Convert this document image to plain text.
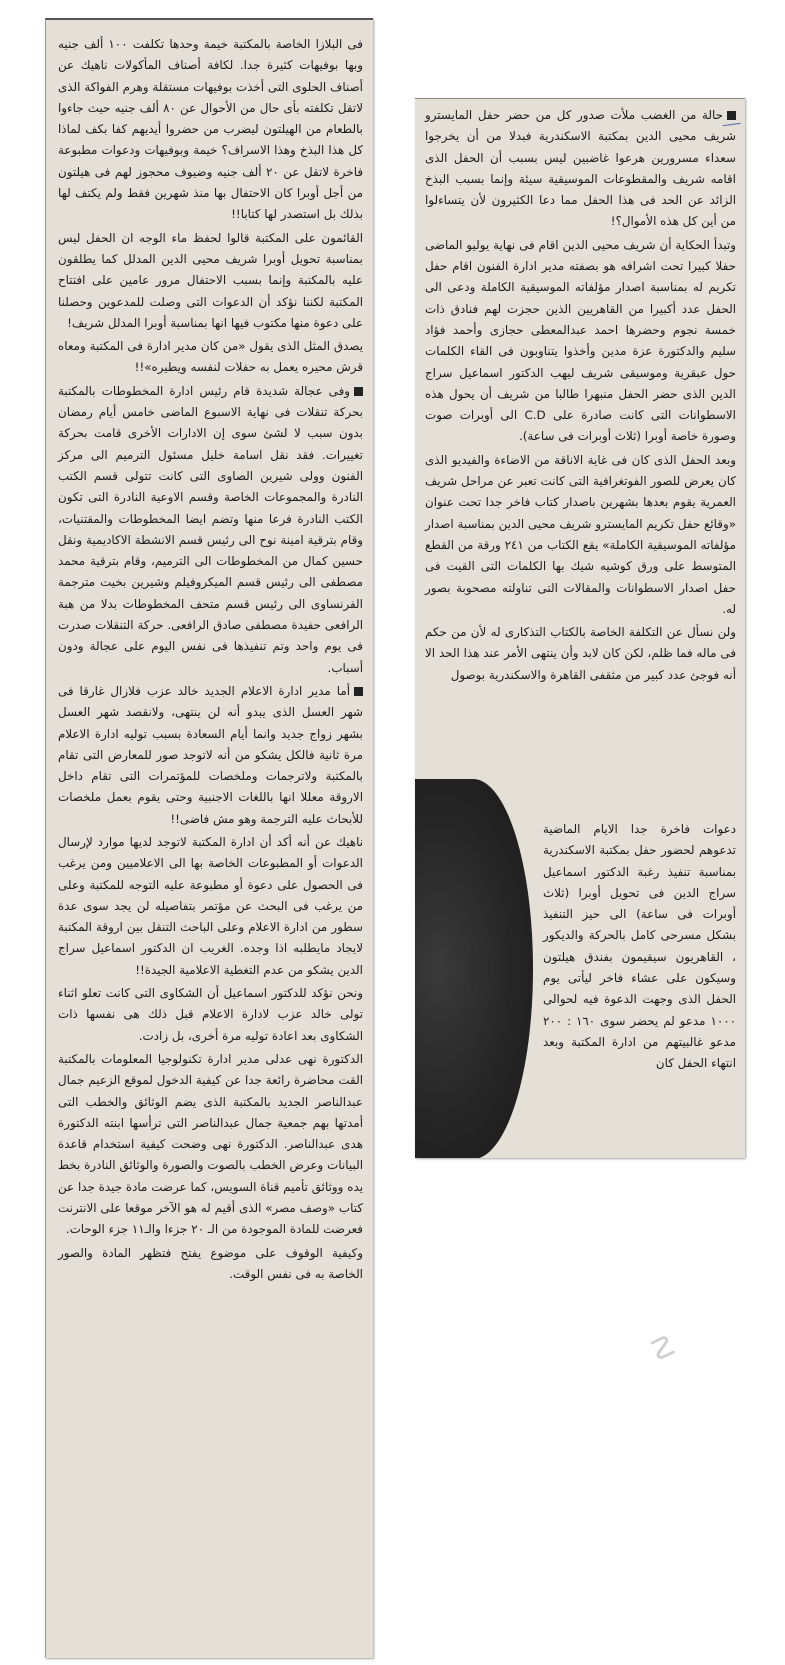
فى البلازا الخاصة بالمكتبة خيمة وحدها تكلفت ١٠٠ ألف جنيه وبها بوفيهات كثيرة جدا. لكافة أصناف المأكولات ناهيك عن أصناف الحلوى التى أخذت بوفيهات مستقلة وهرم الفواكة الذى لاتقل تكلفته بأى حال من الأحوال عن ٨٠ ألف جنيه حيث جاءوا بالطعام من الهيلتون ليضرب من حضروا أيديهم كفا بكف لماذا كل هذا البذخ وهذا الاسراف؟ خيمة وبوفيهات ودعوات مطبوعة فاخرة لاتقل عن ٢٠ ألف جنيه وضيوف محجوز لهم فى هيلتون من أجل أوبرا كان الاحتفال بها منذ شهرين فقط ولم يكتف لها بذلك بل استصدر لها كتابا!!

القائمون على المكتبة قالوا لحفظ ماء الوجه ان الحفل ليس بمناسبة تحويل أوبرا شريف محيى الدين المدلل كما يطلقون عليه بالمكتبة وإنما بسبب الاحتفال مرور عامين على افتتاح المكتبة لكننا نؤكد أن الدعوات التى وصلت للمدعوين وحصلنا على دعوة منها مكتوب فيها انها بمناسبة أوبرا المدلل شريف!

يصدق المثل الذى يقول «من كان مدير ادارة فى المكتبة ومعاه قرش محيره يعمل به حفلات لنفسه ويطيره»!!

وفى عجالة شديدة قام رئيس ادارة المخطوطات بالمكتبة بحركة تنقلات فى نهاية الاسبوع الماضى خامس أيام رمضان بدون سبب لا لشئ سوى إن الادارات الأخرى قامت بحركة تغييرات. فقد نقل اسامة خليل مسئول الترميم الى مركز الفنون وولى شيرين الصاوى التى كانت تتولى قسم الكتب النادرة والمجموعات الخاصة وقسم الاوعية النادرة التى تكون الكتب النادرة فرعا منها وتضم ايضا المخطوطات والمقتنيات، وقام بترقية امينة نوح الى رئيس قسم الانشطة الاكاديمية ونقل حسين كمال من المخطوطات الى الترميم، وقام بترقية محمد مصطفى الى رئيس قسم الميكروفيلم وشيرين بخيت مترجمة الفرنساوى الى رئيس قسم متحف المخطوطات بدلا من هبة الرافعى حفيدة مصطفى صادق الرافعى. حركة التنقلات صدرت فى يوم واحد وتم تنفيذها فى نفس اليوم على عجالة ودون أسباب.

أما مدير ادارة الاعلام الجديد خالد عزب فلازال غارقا فى شهر العسل الذى يبدو أنه لن ينتهى، ولانقصد شهر العسل بشهر زواج جديد وانما أيام السعادة بسبب توليه ادارة الاعلام مرة ثانية فالكل يشكو من أنه لاتوجد صور للمعارض التى تقام بالمكتبة ولاترجمات وملخصات للمؤتمرات التى تقام داخل الاروقة معللا انها باللغات الاجنبية وحتى يقوم بعمل ملخصات للأبحاث عليه الترجمة وهو مش فاضى!!

ناهيك عن أنه أكد أن ادارة المكتبة لاتوجد لديها موارد لإرسال الدعوات أو المطبوعات الخاصة بها الى الاعلاميين ومن يرغب فى الحصول على دعوة أو مطبوعة عليه التوجه للمكتبة وعلى من يرغب فى البحث عن مؤتمر بتفاصيله لن يجد سوى عدة سطور من ادارة الاعلام وعلى الباحث التنقل بين اروقة المكتبة لايجاد مايطلبه اذا وجده. الغريب ان الدكتور اسماعيل سراج الدين يشكو من عدم التغطية الاعلامية الجيدة!!

ونحن نؤكد للدكتور اسماعيل أن الشكاوى التى كانت تعلو اثناء تولى خالد عزب لادارة الاعلام قبل ذلك هى نفسها ذات الشكاوى بعد اعادة توليه مرة أخرى، بل زادت.

الدكتورة نهى عدلى مدير ادارة تكنولوجيا المعلومات بالمكتبة القت محاضرة رائعة جدا عن كيفية الدخول لموقع الزعيم جمال عبدالناصر الجديد بالمكتبة الذى يضم الوثائق والخطب التى أمدتها بهم جمعية جمال عبدالناصر التى ترأسها ابنته الدكتورة هدى عبدالناصر. الدكتورة نهى وضحت كيفية استخدام قاعدة البيانات وعرض الخطب بالصوت والصورة والوثائق النادرة بخط يده ووثائق تأميم قناة السويس، كما عرضت مادة جيدة جدا عن كتاب «وصف مصر» الذى أقيم له هو الآخر موقعا على الانترنت فعرضت للمادة الموجودة من الـ ٢٠ جزءا والـ١١ جزء الوحات.

وكيفية الوقوف على موضوع يفتح فتظهر المادة والصور الخاصة به فى نفس الوقت.

حالة من الغضب ملأت صدور كل من حضر حفل المايسترو شريف محيى الدين بمكتبة الاسكندرية فبدلا من أن يخرجوا سعداء مسرورين هرعوا غاضبين ليس بسبب أن الحفل الذى اقامه شريف والمقطوعات الموسيقية سيئة وإنما بسبب البذخ الزائد عن الحد فى هذا الحفل مما دعا الكثيرون لأن يتساءلوا من أين كل هذه الأموال؟!

وتبدأ الحكاية أن شريف محيى الدين اقام فى نهاية يوليو الماضى حفلا كبيرا تحت اشرافه هو بصفته مدير ادارة الفنون اقام حفل تكريم له بمناسبة اصدار مؤلفاته الموسيقية الكاملة ودعى الى الحفل عدد أكبيرا من القاهريين الذين حجزت لهم فنادق ذات خمسة نجوم وحضرها احمد عبدالمعطى حجازى وأحمد فؤاد سليم والدكتورة عزة مدين وأخذوا يتناوبون فى القاء الكلمات حول عبقرية وموسيقى شريف ليهب الدكتور اسماعيل سراج الدين الذى حضر الحفل منبهرا طالبا من شريف أن يحول هذه الاسطوانات التى كانت صادرة على C.D الى أوبرات صوت وصورة خاصة أوبرا (ثلاث أوبرات فى ساعة).

وبعد الحفل الذى كان فى غاية الاناقة من الاضاءة والفيديو الذى كان يعرض للصور الفوتغرافية التى كانت تعبر عن مراحل شريف العمرية يقوم بعدها بشهرين باصدار كتاب فاخر جدا تحت عنوان «وقائع حفل تكريم المايسترو شريف محيى الدين بمناسبة اصدار مؤلفاته الموسيقية الكاملة» يقع الكتاب من ٢٤١ ورقة من القطع المتوسط على ورق كوشيه شيك بها الكلمات التى القيت فى حفل اصدار الاسطوانات والمقالات التى تناولته مصحوبة بصور له.

ولن نسأل عن التكلفة الخاصة بالكتاب التذكارى له لأن من حكم فى ماله فما ظلم، لكن كان لابد وأن ينتهى الأمر عند هذا الحد الا أنه فوجئ عدد كبير من مثقفى القاهرة والاسكندرية بوصول

دعوات فاخرة جدا الايام الماضية تدعوهم لحضور حفل بمكتبة الاسكندرية بمناسبة تنفيذ رغبة الدكتور اسماعيل سراج الدين فى تحويل أوبرا (ثلاث أوبرات فى ساعة) الى حيز التنفيذ بشكل مسرحى كامل بالحركة والديكور ، القاهريون سيقيمون بفندق هيلتون وسيكون على عشاء فاخر ليأتى يوم الحفل الذى وجهت الدعوة فيه لحوالى ١٠٠٠ مدعو لم يحضر سوى ١٦٠ : ٢٠٠ مدعو غالبيتهم من ادارة المكتبة وبعد انتهاء الحفل كان

☡
